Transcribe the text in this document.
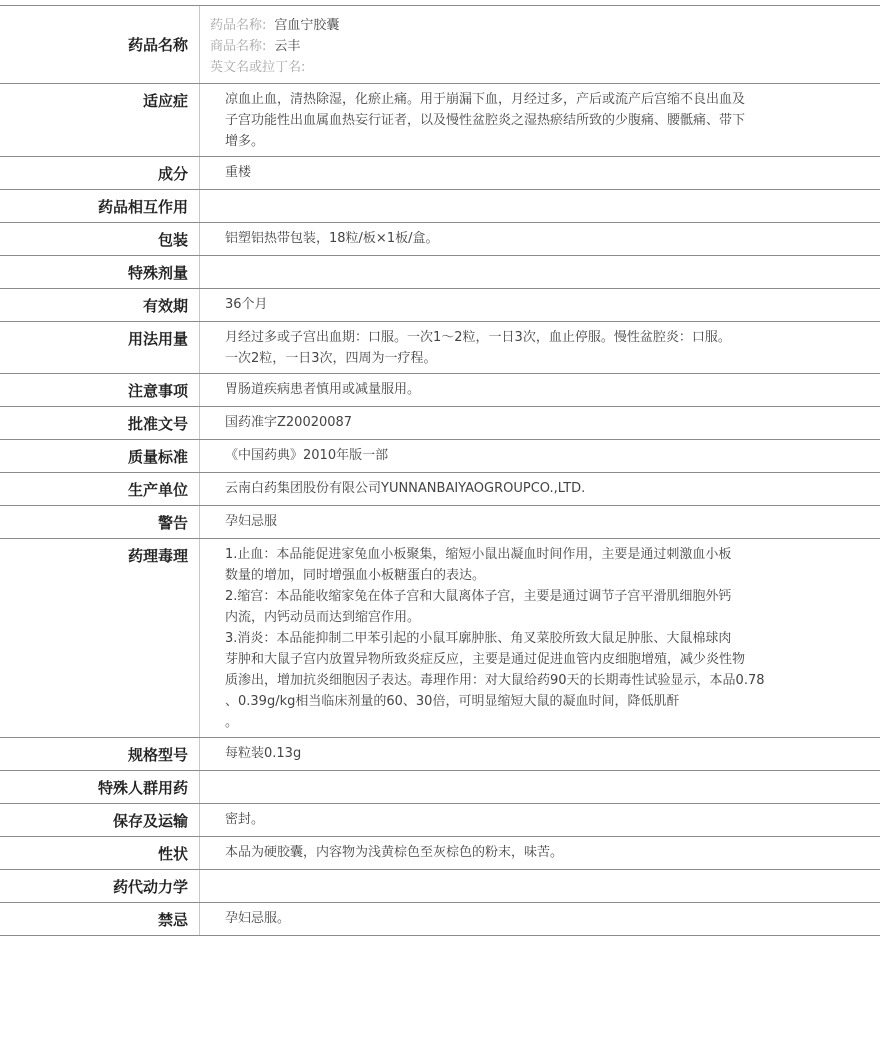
药品名称
药品名称: 宫血宁胶囊
商品名称: 云丰
英文名或拉丁名:
适应症	凉血止血，清热除湿，化瘀止痛。用于崩漏下血，月经过多，产后或流产后宫缩不良出血及
子宫功能性出血属血热妄行证者，以及慢性盆腔炎之湿热瘀结所致的少腹痛、腰骶痛、带下
增多。
成分	重楼
药品相互作用
包装	铝塑铝热带包装，18粒/板×1板/盒。
特殊剂量
有效期	36个月
用法用量	月经过多或子宫出血期：口服。一次1～2粒，一日3次，血止停服。慢性盆腔炎：口服。
一次2粒，一日3次，四周为一疗程。
注意事项	胃肠道疾病患者慎用或减量服用。
批准文号	国药准字Z20020087
质量标准	《中国药典》2010年版一部
生产单位	云南白药集团股份有限公司YUNNANBAIYAOGROUPCO.,LTD.
警告	孕妇忌服
药理毒理	1.止血：本品能促进家兔血小板聚集，缩短小鼠出凝血时间作用，主要是通过刺激血小板
数量的增加，同时增强血小板糖蛋白的表达。
2.缩宫：本品能收缩家兔在体子宫和大鼠离体子宫，主要是通过调节子宫平滑肌细胞外钙
内流，内钙动员而达到缩宫作用。
3.消炎：本品能抑制二甲苯引起的小鼠耳廓肿胀、角叉菜胶所致大鼠足肿胀、大鼠棉球肉
芽肿和大鼠子宫内放置异物所致炎症反应，主要是通过促进血管内皮细胞增殖，减少炎性物
质渗出，增加抗炎细胞因子表达。毒理作用：对大鼠给药90天的长期毒性试验显示，本品0.78
、0.39g/kg相当临床剂量的60、30倍，可明显缩短大鼠的凝血时间，降低肌酐
。
规格型号	每粒装0.13g
特殊人群用药
保存及运输	密封。
性状	本品为硬胶囊，内容物为浅黄棕色至灰棕色的粉末，味苦。
药代动力学
禁忌	孕妇忌服。
